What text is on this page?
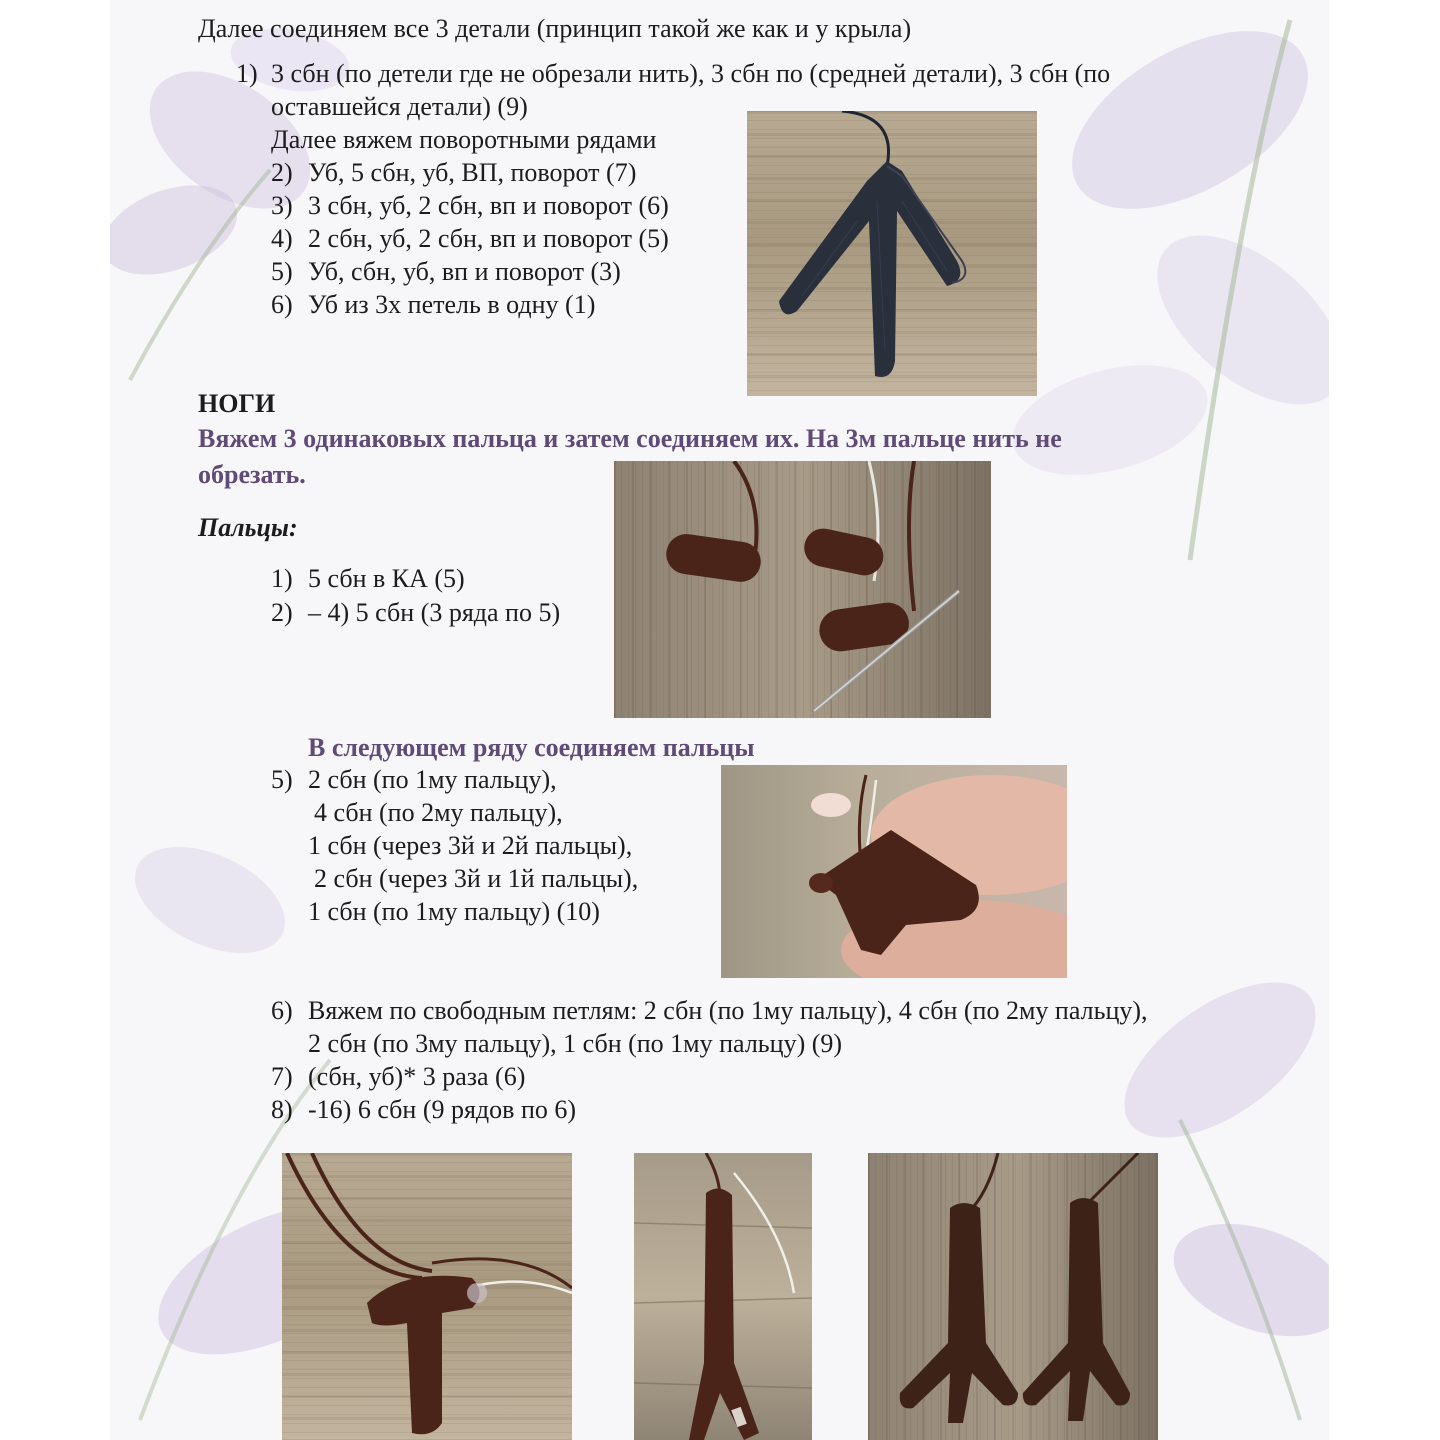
Далее соединяем все 3 детали (принцип такой же как и у крыла)
1) 3 сбн (по детели где не обрезали нить), 3 сбн по (средней детали), 3 сбн (по
оставшейся детали) (9)
Далее вяжем поворотными рядами
2) Уб, 5 сбн, уб, ВП, поворот (7)
3) 3 сбн, уб, 2 сбн, вп и поворот (6)
4) 2 сбн, уб, 2 сбн, вп и поворот (5)
5) Уб, сбн, уб, вп и поворот (3)
6) Уб из 3х петель в одну (1)
НОГИ
Вяжем 3 одинаковых пальца и затем соединяем их. На 3м пальце нить не
обрезать.
Пальцы:
1) 5 сбн в КА (5)
2) – 4) 5 сбн (3 ряда по 5)
В следующем ряду соединяем пальцы
5) 2 сбн (по 1му пальцу),
4 сбн (по 2му пальцу),
1 сбн (через 3й и 2й пальцы),
2 сбн (через 3й и 1й пальцы),
1 сбн (по 1му пальцу) (10)
6) Вяжем по свободным петлям: 2 сбн (по 1му пальцу), 4 сбн (по 2му пальцу),
2 сбн (по 3му пальцу), 1 сбн (по 1му пальцу) (9)
7) (сбн, уб)* 3 раза (6)
8) -16) 6 сбн (9 рядов по 6)
